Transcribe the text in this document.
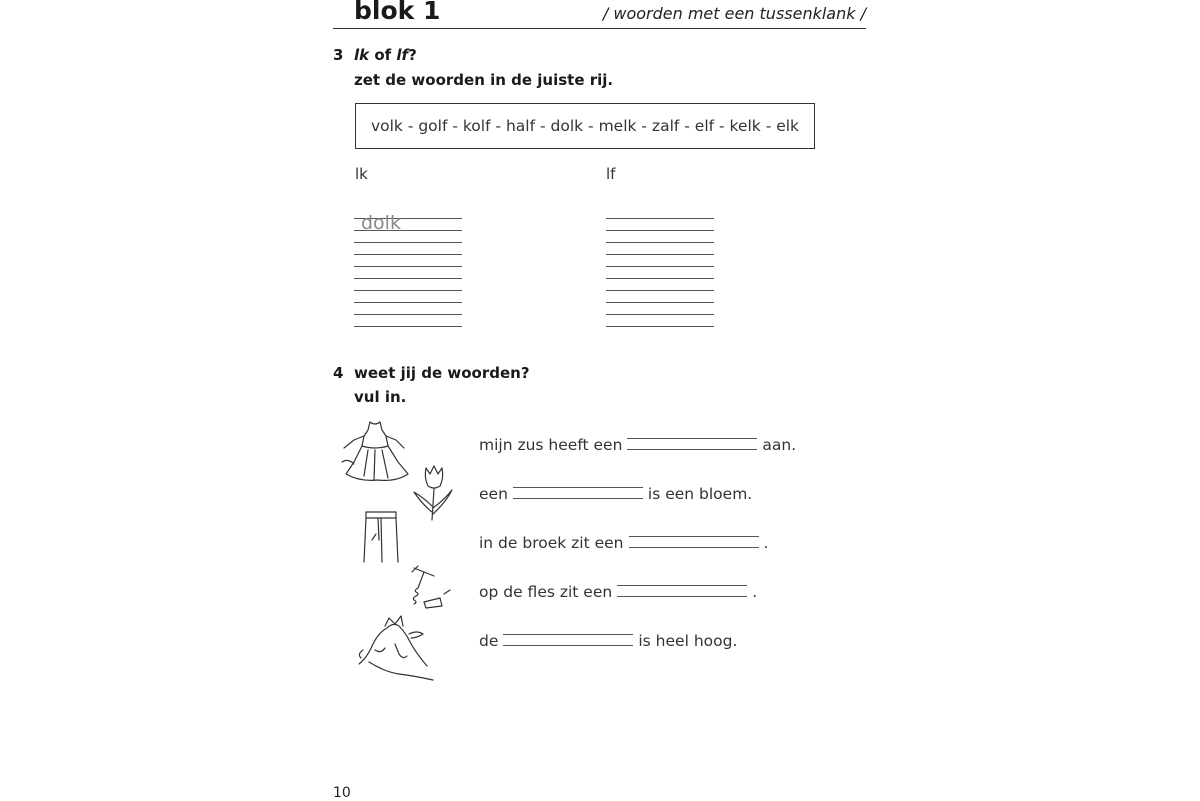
blok 1	/ woorden met een tussenklank /
3 lk of lf?
zet de woorden in de juiste rij.
volk - golf - kolf - half - dolk - melk - zalf - elf - kelk - elk
lk	lf
dolk
4 weet jij de woorden?
vul in.
mijn zus heeft een	aan.
een	is een bloem.
in de broek zit een	.
op de fles zit een	.
de	is heel hoog.
10
